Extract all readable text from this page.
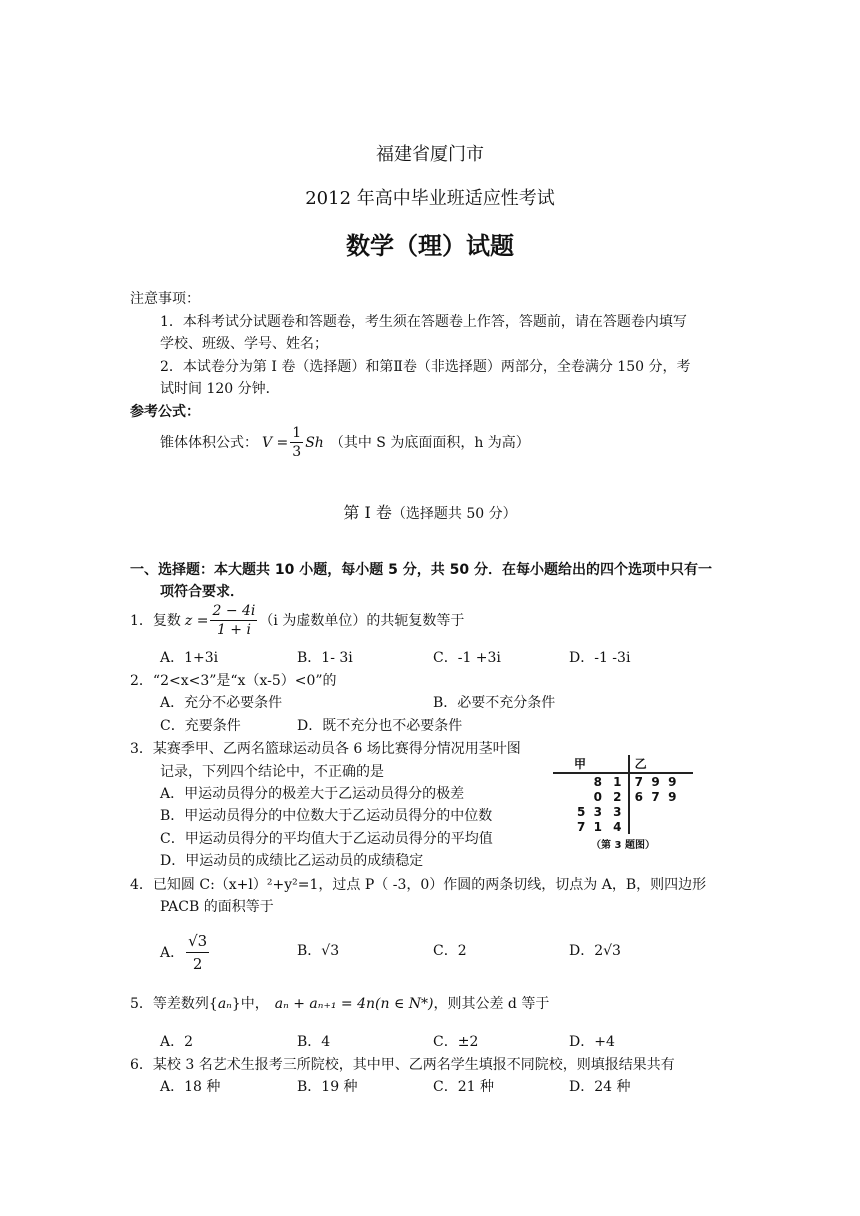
福建省厦门市
2012 年高中毕业班适应性考试
数学（理）试题
注意事项：
1．本科考试分试题卷和答题卷，考生须在答题卷上作答，答题前，请在答题卷内填写
学校、班级、学号、姓名；
2．本试卷分为第 I 卷（选择题）和第Ⅱ卷（非选择题）两部分，全卷满分 150 分，考
试时间 120 分钟．
参考公式：
锥体体积公式： $V = \frac{1}{3}$ Sh （其中 S 为底面面积，h 为高）
第 Ⅰ 卷（选择题共 50 分）
一、选择题：本大题共 10 小题，每小题 5 分，共 50 分．在每小题给出的四个选项中只有一
项符合要求．
1．复数 $z = \frac{2 - 4i}{1 + i} (i$ 为虚数单位）的共轭复数等于
A．1+3i	B．1- 3i	C．-1 +3i	D．-1 -3i
2．“2<x<3”是“x（x-5）<0”的
A．充分不必要条件	B．必要不充分条件
C．充要条件	D．既不充分也不必要条件
3．某赛季甲、乙两名篮球运动员各 6 场比赛得分情况用茎叶图
记录，下列四个结论中，不正确的是
A．甲运动员得分的极差大于乙运动员得分的极差
B．甲运动员得分的中位数大于乙运动员得分的中位数
C．甲运动员得分的平均值大于乙运动员得分的平均值
D．甲运动员的成绩比乙运动员的成绩稳定
甲		乙
8	1	7  9  9
0	2	6  7  9
5  3	3	
7  1	4	
（第 3 题图）
4．已知圆 C:（x+l）²+y²=1，过点 P（ -3，0）作圆的两条切线，切点为 A，B，则四边形
PACB 的面积等于
A． $\frac{√3}{2}$	B．√3	C．2	D．2√3
5．等差数列{aₙ}中， aₙ + aₙ₊₁ = 4n(n ∈ N*)，则其公差 d 等于
A．2	B．4	C．±2	D．+4
6．某校 3 名艺术生报考三所院校，其中甲、乙两名学生填报不同院校，则填报结果共有
A．18 种	B．19 种	C．21 种	D．24 种
